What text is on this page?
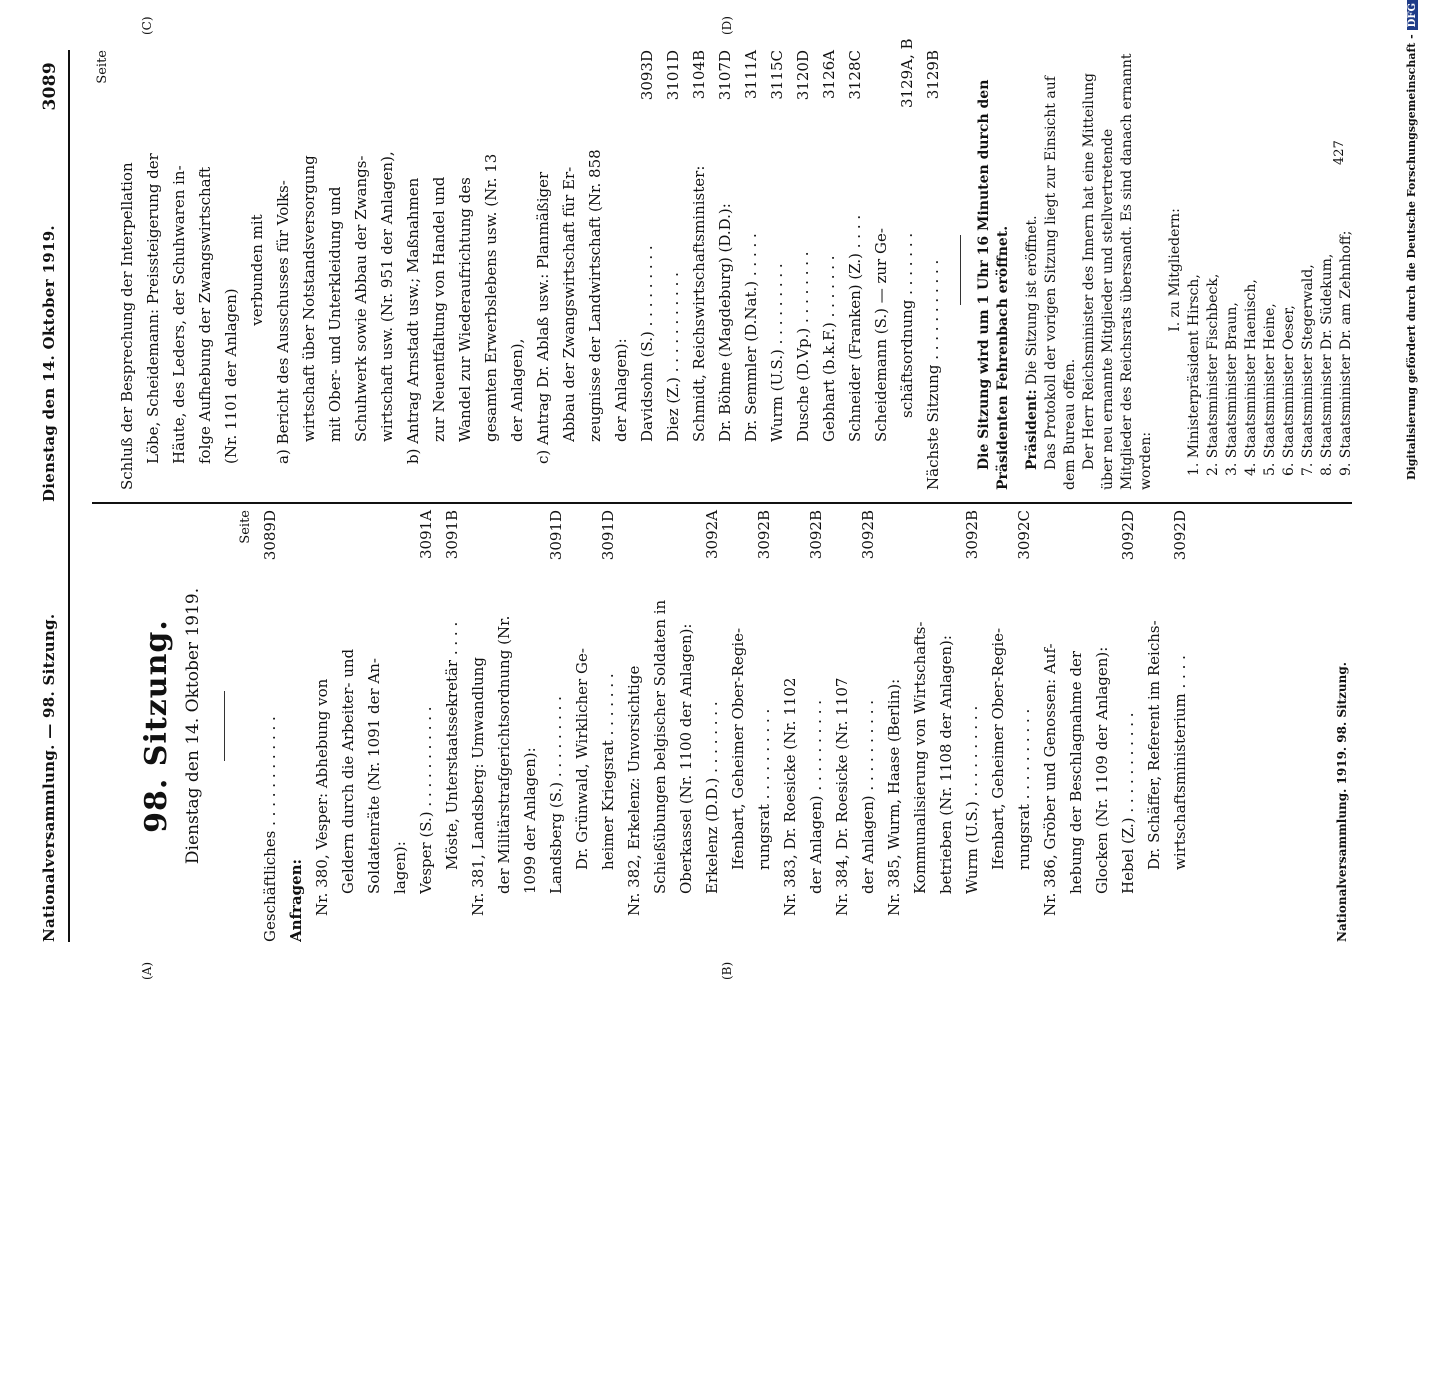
Nationalversammlung. — 98. Sitzung.
Dienstag den 14. Oktober 1919.
3089
(A)	(B)
(C)	(D)
98. Sitzung. Dienstag den 14. Oktober 1919.
Seite
Geschäftliches . . . . . . . . . . . .
3089D
Anfragen: Nr. 380, Vesper: Abhebung von Geldern durch die Arbeiter- und Soldatenräte (Nr. 1091 der An- lagen): Vesper (S.) . . . . . . . . . . .
3091A
Möste, Unterstaatssekretär . . . .
3091B
Nr. 381, Landsberg: Umwandlung der Militärstrafgerichtsordnung (Nr. 1099 der Anlagen): Landsberg (S.) . . . . . . . . .
3091D
Dr. Grünwald, Wirklicher Ge- heimer Kriegsrat . . . . . . .
3091D
Nr. 382, Erkelenz: Unvorsichtige Schießübungen belgischer Soldaten in Oberkassel (Nr. 1100 der Anlagen): Erkelenz (D.D.) . . . . . . . .
3092A
Ifenbart, Geheimer Ober-Regie- rungsrat . . . . . . . . . .
3092B
Nr. 383, Dr. Roesicke (Nr. 1102 der Anlagen) . . . . . . . . . .
3092B
Nr. 384, Dr. Roesicke (Nr. 1107 der Anlagen) . . . . . . . . . .
3092B
Nr. 385, Wurm, Haase (Berlin): Kommunalisierung von Wirtschafts- betrieben (Nr. 1108 der Anlagen): Wurm (U.S.) . . . . . . . . . .
3092B
Ifenbart, Geheimer Ober-Regie- rungsrat . . . . . . . . . .
3092C
Nr. 386, Gröber und Genossen: Auf- hebung der Beschlagnahme der Glocken (Nr. 1109 der Anlagen): Hebel (Z.) . . . . . . . . . . .
3092D
Dr. Schäffer, Referent im Reichs- wirtschaftsministerium . . . .
3092D
Seite
Schluß der Besprechung der Interpellation Löbe, Scheidemann: Preissteigerung der Häute, des Leders, der Schuhwaren in- folge Aufhebung der Zwangswirtschaft (Nr. 1101 der Anlagen)
verbunden mit a) Bericht des Ausschusses für Volks- wirtschaft über Notstandsversorgung mit Ober- und Unterkleidung und Schuhwerk sowie Abbau der Zwangs- wirtschaft usw. (Nr. 951 der Anlagen), b) Antrag Arnstadt usw.; Maßnahmen zur Neuentfaltung von Handel und Wandel zur Wiederaufrichtung des gesamten Erwerbslebens usw. (Nr. 13 der Anlagen), c) Antrag Dr. Ablaß usw.: Planmäßiger Abbau der Zwangswirtschaft für Er- zeugnisse der Landwirtschaft (Nr. 858 der Anlagen): Davidsohn (S.) . . . . . . . . .
3093D
Diez (Z.) . . . . . . . . . . .
3101D
Schmidt, Reichswirtschaftsminister:
3104B
Dr. Böhme (Magdeburg) (D.D.):
3107D
Dr. Semmler (D.Nat.) . . . . .
3111A
Wurm (U.S.) . . . . . . . . .
3115C
Dusche (D.Vp.) . . . . . . . .
3120D
Gebhart (b.k.F.) . . . . . . .
3126A
Schneider (Franken) (Z.) . . . .
3128C
Scheidemann (S.) — zur Ge- schäftsordnung . . . . . . .
3129A, B
Nächste Sitzung . . . . . . . . . . .
3129B
Die Sitzung wird um 1 Uhr 16 Minuten durch den Präsidenten Fehrenbach eröffnet. Präsident: Die Sitzung ist eröffnet. Das Protokoll der vorigen Sitzung liegt zur Einsicht auf dem Bureau offen. Der Herr Reichsminister des Innern hat eine Mitteilung über neu ernannte Mitglieder und stellvertretende Mitglieder des Reichsrats übersandt. Es sind danach ernannt worden:
I. zu Mitgliedern:
1. Ministerpräsident Hirsch, 2. Staatsminister Fischbeck, 3. Staatsminister Braun, 4. Staatsminister Haenisch, 5. Staatsminister Heine, 6. Staatsminister Oeser, 7. Staatsminister Stegerwald, 8. Staatsminister Dr. Südekum, 9. Staatsminister Dr. am Zehnhoff;
Nationalversammlung. 1919. 98. Sitzung.
427	Digitalisierung gefördert durch die Deutsche Forschungsgemeinschaft -DFG
